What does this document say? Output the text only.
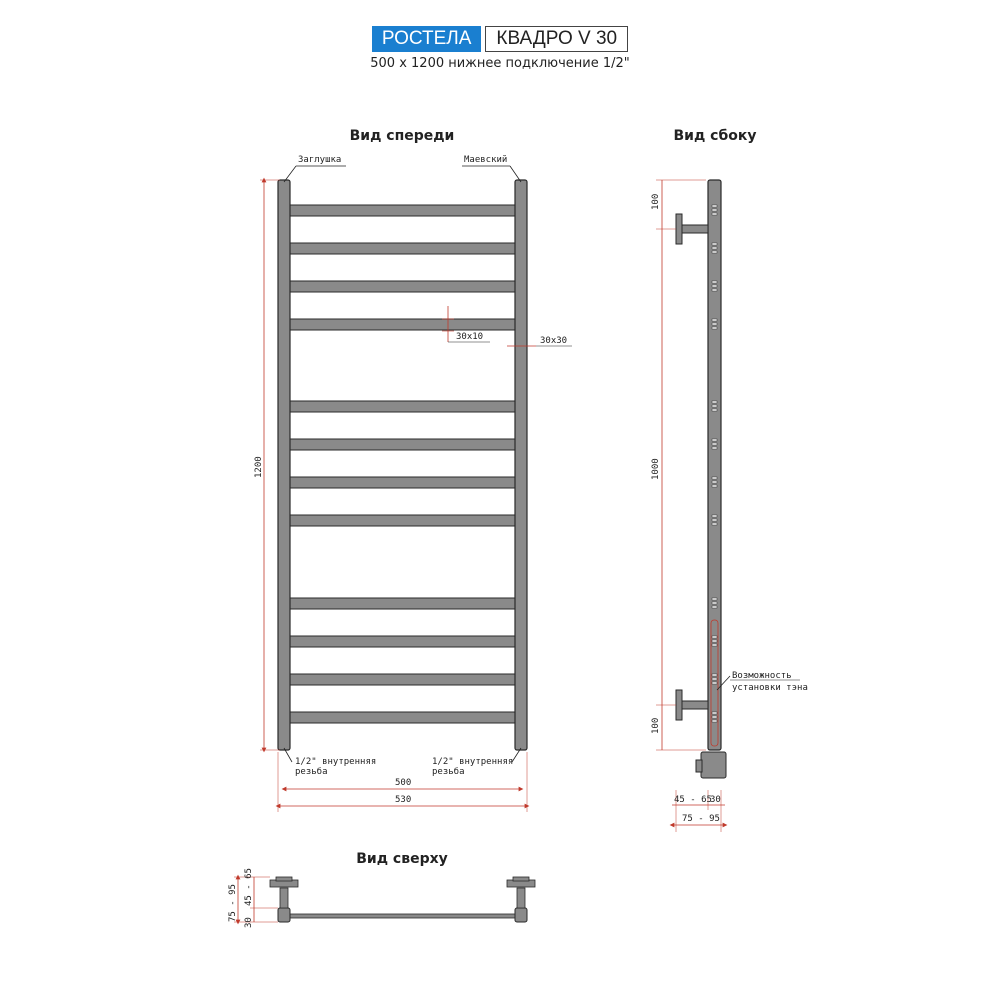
РОСТЕЛА	КВАДРО V 30
500 х 1200 нижнее подключение 1/2"
Вид спереди	Вид сбоку
Вид сверху
Заглушка	Маевский
1/2" внутренняя
резьба
1/2" внутренняя
резьба
1200
30х10	30х30
500
530
100
1000
100
Возможность
установки тэна
45 - 65
30
75 - 95
75 - 95 45 - 65
30
